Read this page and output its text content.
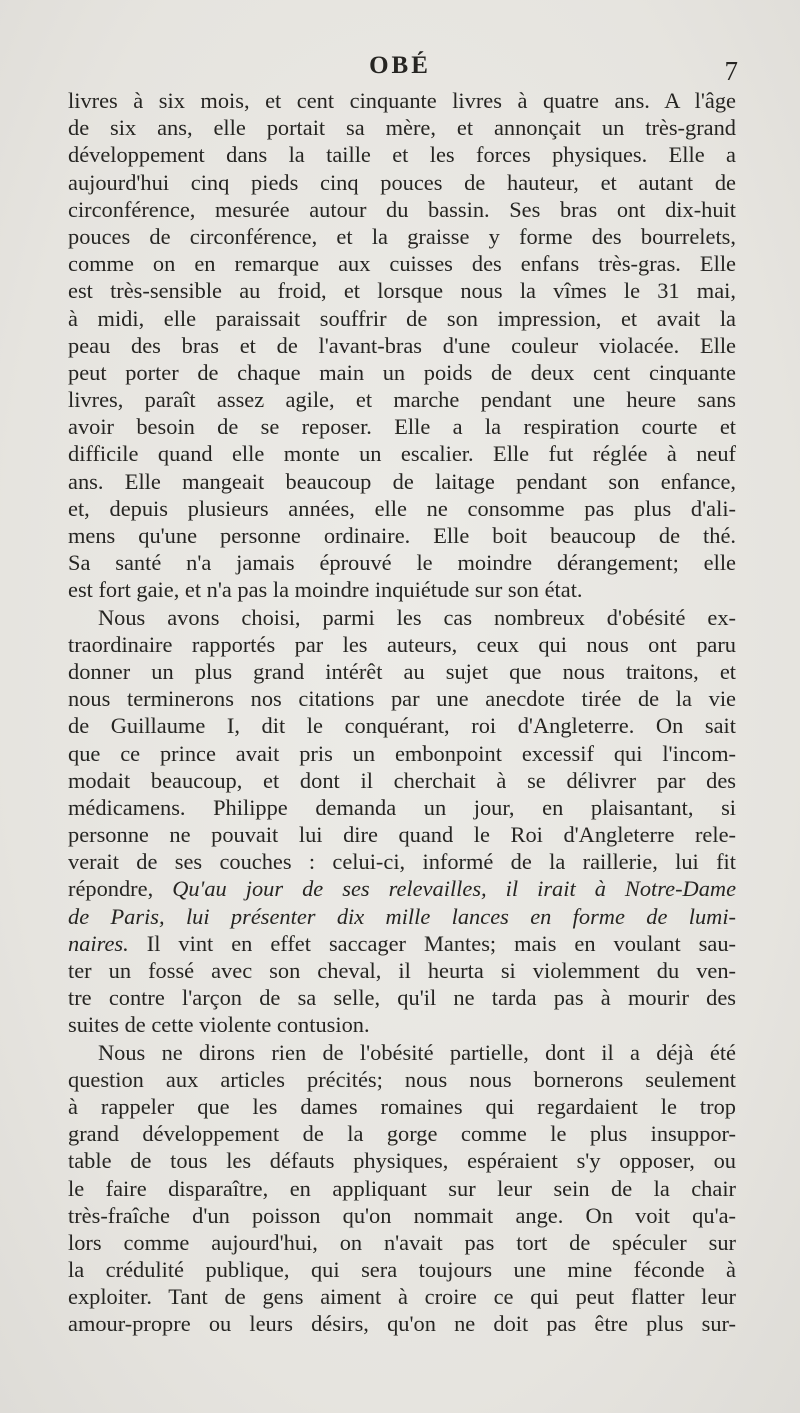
OBÉ	7
livres à six mois, et cent cinquante livres à quatre ans. A l'âge
de six ans, elle portait sa mère, et annonçait un très-grand
développement dans la taille et les forces physiques. Elle a
aujourd'hui cinq pieds cinq pouces de hauteur, et autant de
circonférence, mesurée autour du bassin. Ses bras ont dix-huit
pouces de circonférence, et la graisse y forme des bourrelets,
comme on en remarque aux cuisses des enfans très-gras. Elle
est très-sensible au froid, et lorsque nous la vîmes le 31 mai,
à midi, elle paraissait souffrir de son impression, et avait la
peau des bras et de l'avant-bras d'une couleur violacée. Elle
peut porter de chaque main un poids de deux cent cinquante
livres, paraît assez agile, et marche pendant une heure sans
avoir besoin de se reposer. Elle a la respiration courte et
difficile quand elle monte un escalier. Elle fut réglée à neuf
ans. Elle mangeait beaucoup de laitage pendant son enfance,
et, depuis plusieurs années, elle ne consomme pas plus d'ali-
mens qu'une personne ordinaire. Elle boit beaucoup de thé.
Sa santé n'a jamais éprouvé le moindre dérangement; elle
est fort gaie, et n'a pas la moindre inquiétude sur son état.
Nous avons choisi, parmi les cas nombreux d'obésité ex-
traordinaire rapportés par les auteurs, ceux qui nous ont paru
donner un plus grand intérêt au sujet que nous traitons, et
nous terminerons nos citations par une anecdote tirée de la vie
de Guillaume I, dit le conquérant, roi d'Angleterre. On sait
que ce prince avait pris un embonpoint excessif qui l'incom-
modait beaucoup, et dont il cherchait à se délivrer par des
médicamens. Philippe demanda un jour, en plaisantant, si
personne ne pouvait lui dire quand le Roi d'Angleterre rele-
verait de ses couches : celui-ci, informé de la raillerie, lui fit
répondre, Qu'au jour de ses relevailles, il irait à Notre-Dame
de Paris, lui présenter dix mille lances en forme de lumi-
naires. Il vint en effet saccager Mantes; mais en voulant sau-
ter un fossé avec son cheval, il heurta si violemment du ven-
tre contre l'arçon de sa selle, qu'il ne tarda pas à mourir des
suites de cette violente contusion.
Nous ne dirons rien de l'obésité partielle, dont il a déjà été
question aux articles précités; nous nous bornerons seulement
à rappeler que les dames romaines qui regardaient le trop
grand développement de la gorge comme le plus insuppor-
table de tous les défauts physiques, espéraient s'y opposer, ou
le faire disparaître, en appliquant sur leur sein de la chair
très-fraîche d'un poisson qu'on nommait ange. On voit qu'a-
lors comme aujourd'hui, on n'avait pas tort de spéculer sur
la crédulité publique, qui sera toujours une mine féconde à
exploiter. Tant de gens aiment à croire ce qui peut flatter leur
amour-propre ou leurs désirs, qu'on ne doit pas être plus sur-
